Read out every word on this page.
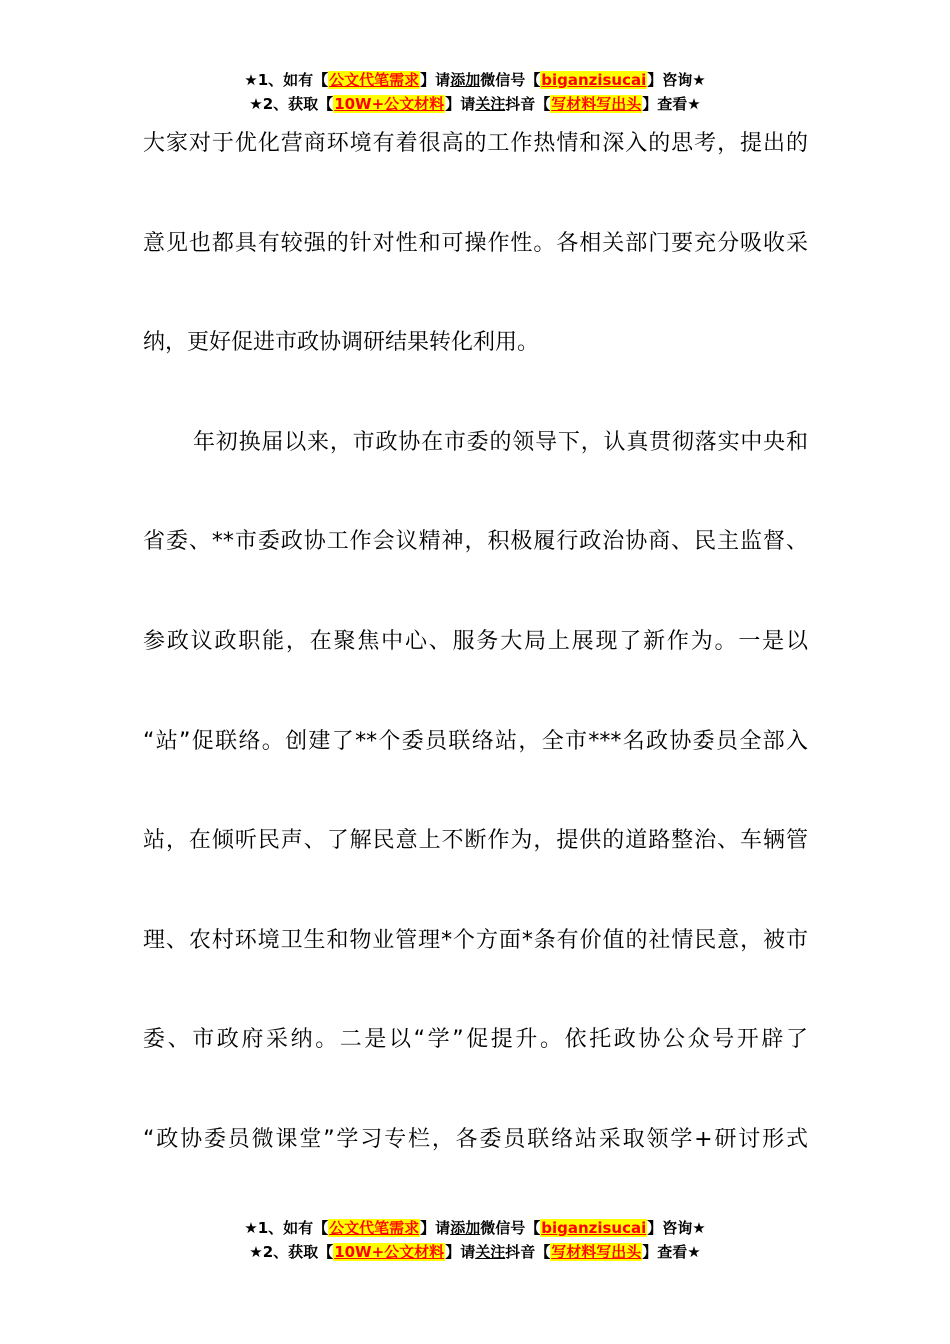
★1、如有【公文代笔需求】请添加微信号【biganzisucai】咨询★
★2、获取【10W+公文材料】请关注抖音【写材料写出头】查看★
大家对于优化营商环境有着很高的工作热情和深入的思考，提出的
意见也都具有较强的针对性和可操作性。各相关部门要充分吸收采
纳，更好促进市政协调研结果转化利用。
年初换届以来，市政协在市委的领导下，认真贯彻落实中央和
省委、**市委政协工作会议精神，积极履行政治协商、民主监督、
参政议政职能，在聚焦中心、服务大局上展现了新作为。一是以
“站”促联络。创建了**个委员联络站，全市***名政协委员全部入
站，在倾听民声、了解民意上不断作为，提供的道路整治、车辆管
理、农村环境卫生和物业管理*个方面*条有价值的社情民意，被市
委、市政府采纳。二是以“学”促提升。依托政协公众号开辟了
“政协委员微课堂”学习专栏，各委员联络站采取领学+研讨形式
★1、如有【公文代笔需求】请添加微信号【biganzisucai】咨询★
★2、获取【10W+公文材料】请关注抖音【写材料写出头】查看★
